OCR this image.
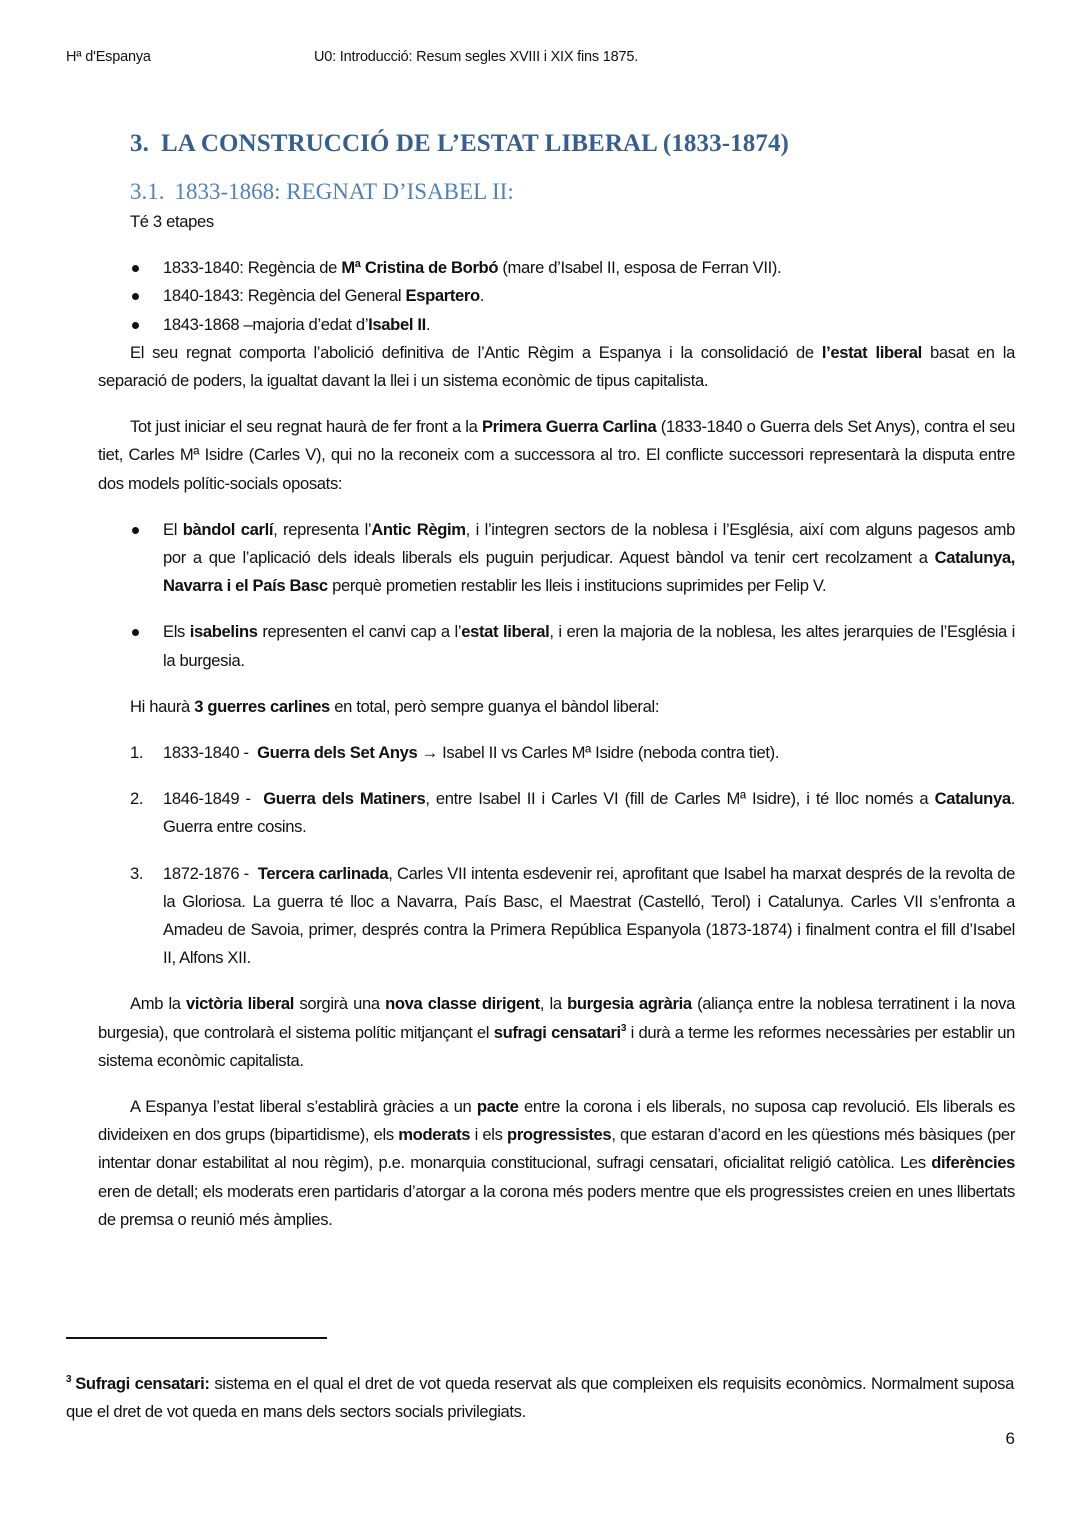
Hª d'Espanya	U0: Introducció: Resum segles XVIII i XIX fins 1875.
3. LA CONSTRUCCIÓ DE L’ESTAT LIBERAL (1833-1874)
3.1. 1833-1868: REGNAT D’ISABEL II:

Té 3 etapes

1833-1840: Regència de Mª Cristina de Borbó (mare d’Isabel II, esposa de Ferran VII).
1840-1843: Regència del General Espartero.
1843-1868 –majoria d’edat d’Isabel II.

El seu regnat comporta l’abolició definitiva de l’Antic Règim a Espanya i la consolidació de l’estat liberal basat en la separació de poders, la igualtat davant la llei i un sistema econòmic de tipus capitalista.

Tot just iniciar el seu regnat haurà de fer front a la Primera Guerra Carlina (1833-1840 o Guerra dels Set Anys), contra el seu tiet, Carles Mª Isidre (Carles V), qui no la reconeix com a successora al tro. El conflicte successori representarà la disputa entre dos models polític-socials oposats:

El bàndol carlí, representa l’Antic Règim, i l’integren sectors de la noblesa i l’Església, així com alguns pagesos amb por a que l’aplicació dels ideals liberals els puguin perjudicar. Aquest bàndol va tenir cert recolzament a Catalunya, Navarra i el País Basc perquè prometien restablir les lleis i institucions suprimides per Felip V.
Els isabelins representen el canvi cap a l’estat liberal, i eren la majoria de la noblesa, les altes jerarquies de l’Església i la burgesia.

Hi haurà 3 guerres carlines en total, però sempre guanya el bàndol liberal:

1. 1833-1840 -  Guerra dels Set Anys → Isabel II vs Carles Mª Isidre (neboda contra tiet).
2. 1846-1849 -  Guerra dels Matiners, entre Isabel II i Carles VI (fill de Carles Mª Isidre), i té lloc només a Catalunya. Guerra entre cosins.
3. 1872-1876 -  Tercera carlinada, Carles VII intenta esdevenir rei, aprofitant que Isabel ha marxat després de la revolta de la Gloriosa. La guerra té lloc a Navarra, País Basc, el Maestrat (Castelló, Terol) i Catalunya. Carles VII s’enfronta a Amadeu de Savoia, primer, després contra la Primera República Espanyola (1873-1874) i finalment contra el fill d’Isabel II, Alfons XII.

Amb la victòria liberal sorgirà una nova classe dirigent, la burgesia agrària (aliança entre la noblesa terratinent i la nova burgesia), que controlarà el sistema polític mitjançant el sufragi censatari$^3$ i durà a terme les reformes necessàries per establir un sistema econòmic capitalista.

A Espanya l’estat liberal s’establirà gràcies a un pacte entre la corona i els liberals, no suposa cap revolució. Els liberals es divideixen en dos grups (bipartidisme), els moderats i els progressistes, que estaran d’acord en les qüestions més bàsiques (per intentar donar estabilitat al nou règim), p.e. monarquia constitucional, sufragi censatari, oficialitat religió catòlica. Les diferències eren de detall; els moderats eren partidaris d’atorgar a la corona més poders mentre que els progressistes creien en unes llibertats de premsa o reunió més àmplies.

$^3$ Sufragi censatari: sistema en el qual el dret de vot queda reservat als que compleixen els requisits econòmics. Normalment suposa que el dret de vot queda en mans dels sectors socials privilegiats.
6
